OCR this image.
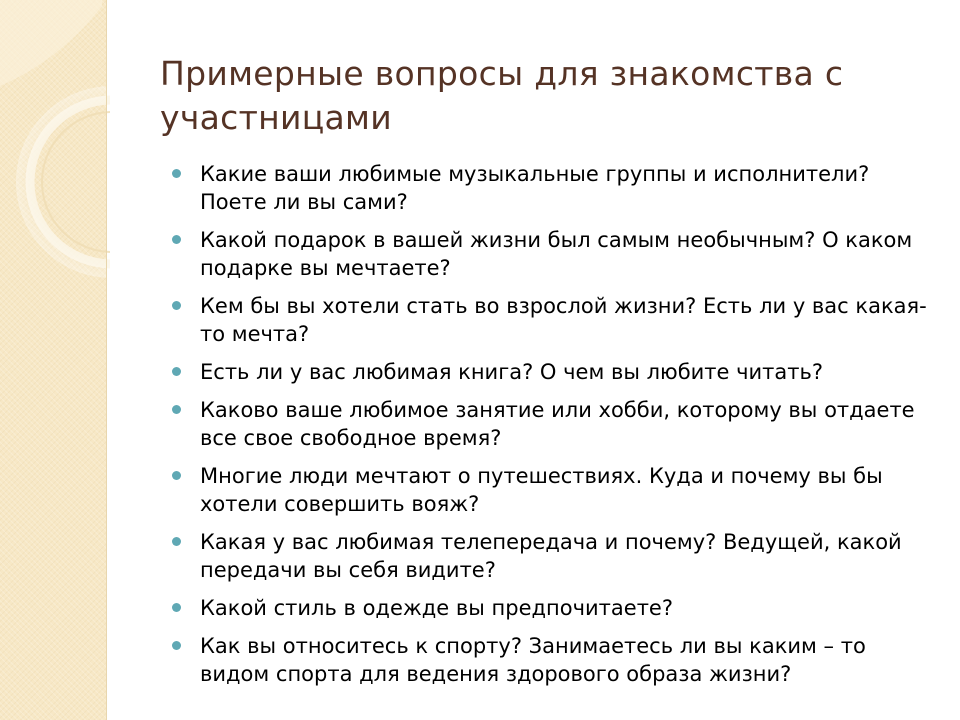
Примерные вопросы для знакомства с участницами
Какие ваши любимые музыкальные группы и исполнители? Поете ли вы сами?
Какой подарок в вашей жизни был самым необычным? О каком подарке вы мечтаете?
Кем бы вы хотели стать во взрослой жизни? Есть ли у вас какая-то мечта?
Есть ли у вас любимая книга? О чем вы любите читать?
Каково ваше любимое занятие или хобби, которому вы отдаете все свое свободное время?
Многие люди мечтают о путешествиях. Куда и почему вы бы хотели совершить вояж?
Какая у вас любимая телепередача и почему? Ведущей, какой передачи вы себя видите?
Какой стиль в одежде вы предпочитаете?
Как вы относитесь к спорту? Занимаетесь ли вы каким – то видом спорта для ведения здорового образа жизни?
